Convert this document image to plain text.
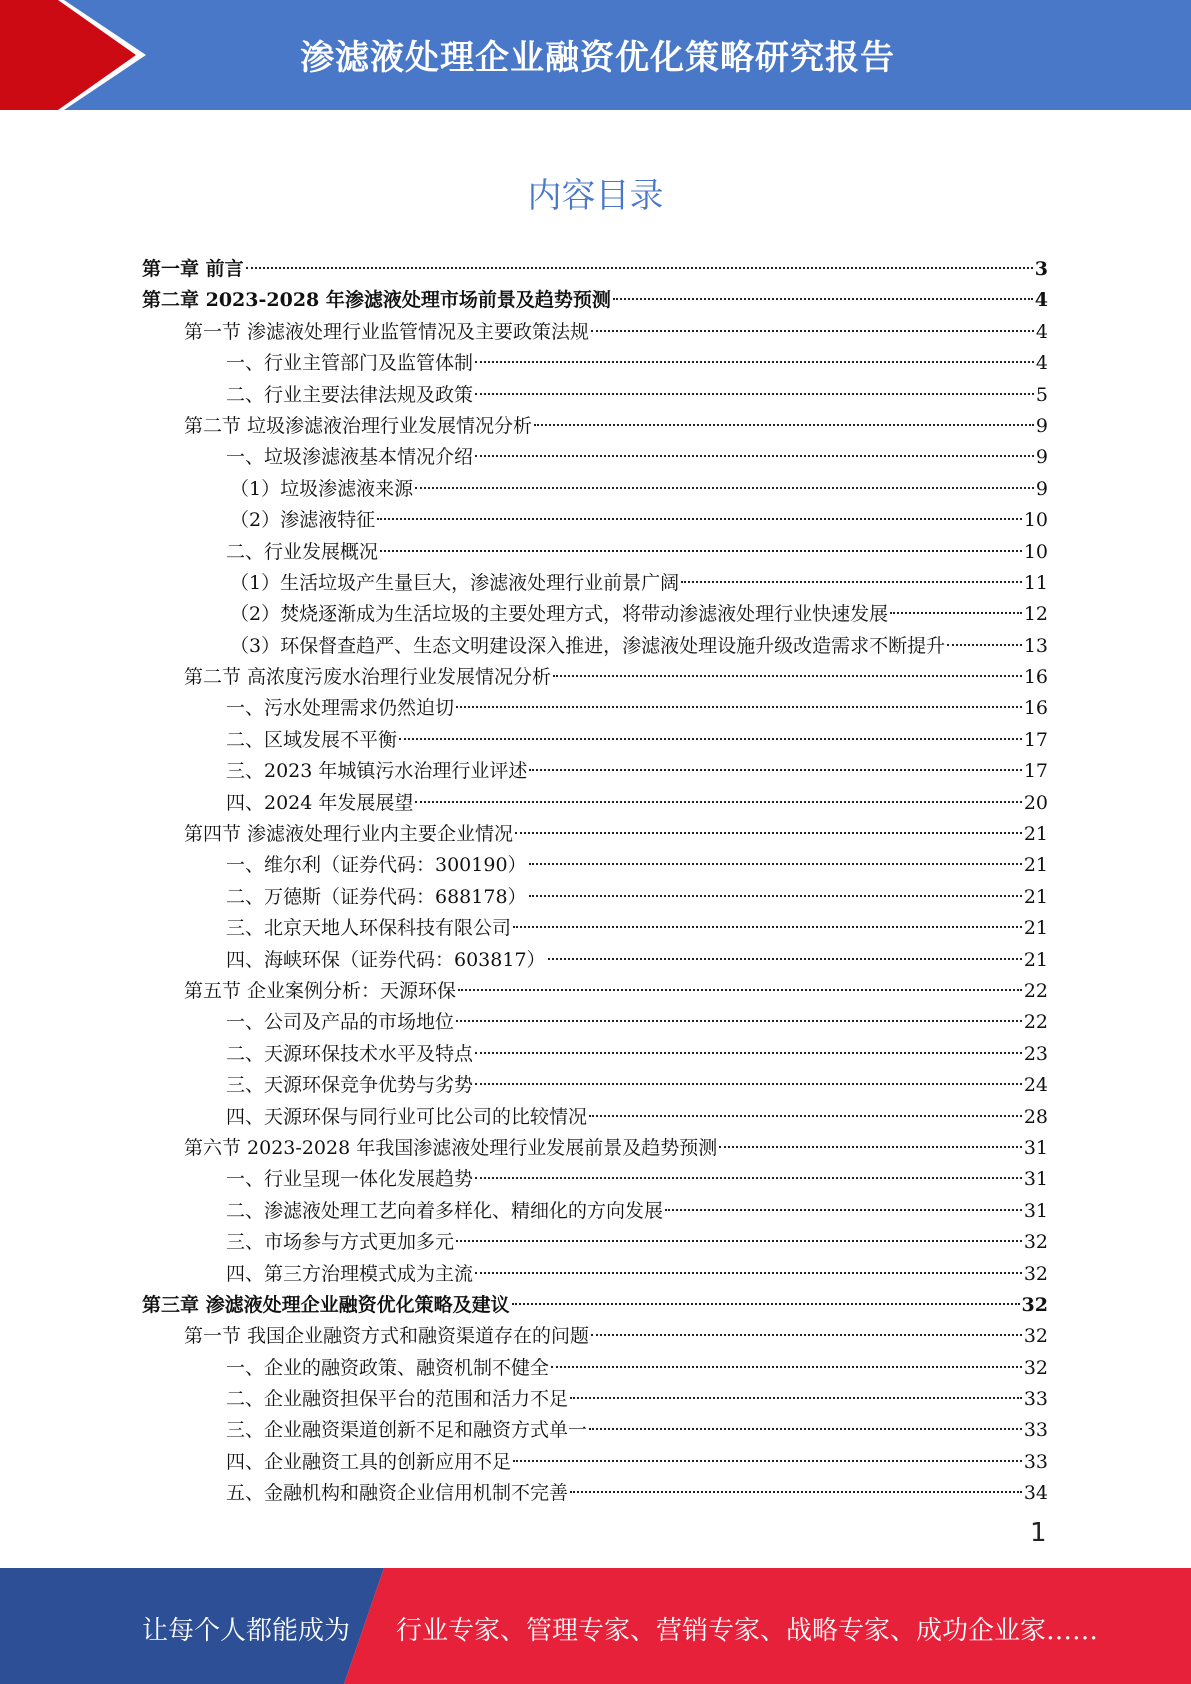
渗滤液处理企业融资优化策略研究报告
内容目录
第一章 前言	3
第二章 2023-2028 年渗滤液处理市场前景及趋势预测	4
第一节 渗滤液处理行业监管情况及主要政策法规	4
一、行业主管部门及监管体制	4
二、行业主要法律法规及政策	5
第二节 垃圾渗滤液治理行业发展情况分析	9
一、垃圾渗滤液基本情况介绍	9
（1）垃圾渗滤液来源	9
（2）渗滤液特征	10
二、行业发展概况	10
（1）生活垃圾产生量巨大，渗滤液处理行业前景广阔	11
（2）焚烧逐渐成为生活垃圾的主要处理方式，将带动渗滤液处理行业快速发展	12
（3）环保督查趋严、生态文明建设深入推进，渗滤液处理设施升级改造需求不断提升	13
第二节 高浓度污废水治理行业发展情况分析	16
一、污水处理需求仍然迫切	16
二、区域发展不平衡	17
三、2023 年城镇污水治理行业评述	17
四、2024 年发展展望	20
第四节 渗滤液处理行业内主要企业情况	21
一、维尔利（证券代码：300190）	21
二、万德斯（证券代码：688178）	21
三、北京天地人环保科技有限公司	21
四、海峡环保（证券代码：603817）	21
第五节 企业案例分析：天源环保	22
一、公司及产品的市场地位	22
二、天源环保技术水平及特点	23
三、天源环保竞争优势与劣势	24
四、天源环保与同行业可比公司的比较情况	28
第六节 2023-2028 年我国渗滤液处理行业发展前景及趋势预测	31
一、行业呈现一体化发展趋势	31
二、渗滤液处理工艺向着多样化、精细化的方向发展	31
三、市场参与方式更加多元	32
四、第三方治理模式成为主流	32
第三章 渗滤液处理企业融资优化策略及建议	32
第一节 我国企业融资方式和融资渠道存在的问题	32
一、企业的融资政策、融资机制不健全	32
二、企业融资担保平台的范围和活力不足	33
三、企业融资渠道创新不足和融资方式单一	33
四、企业融资工具的创新应用不足	33
五、金融机构和融资企业信用机制不完善	34
1
让每个人都能成为 行业专家、管理专家、营销专家、战略专家、成功企业家……
